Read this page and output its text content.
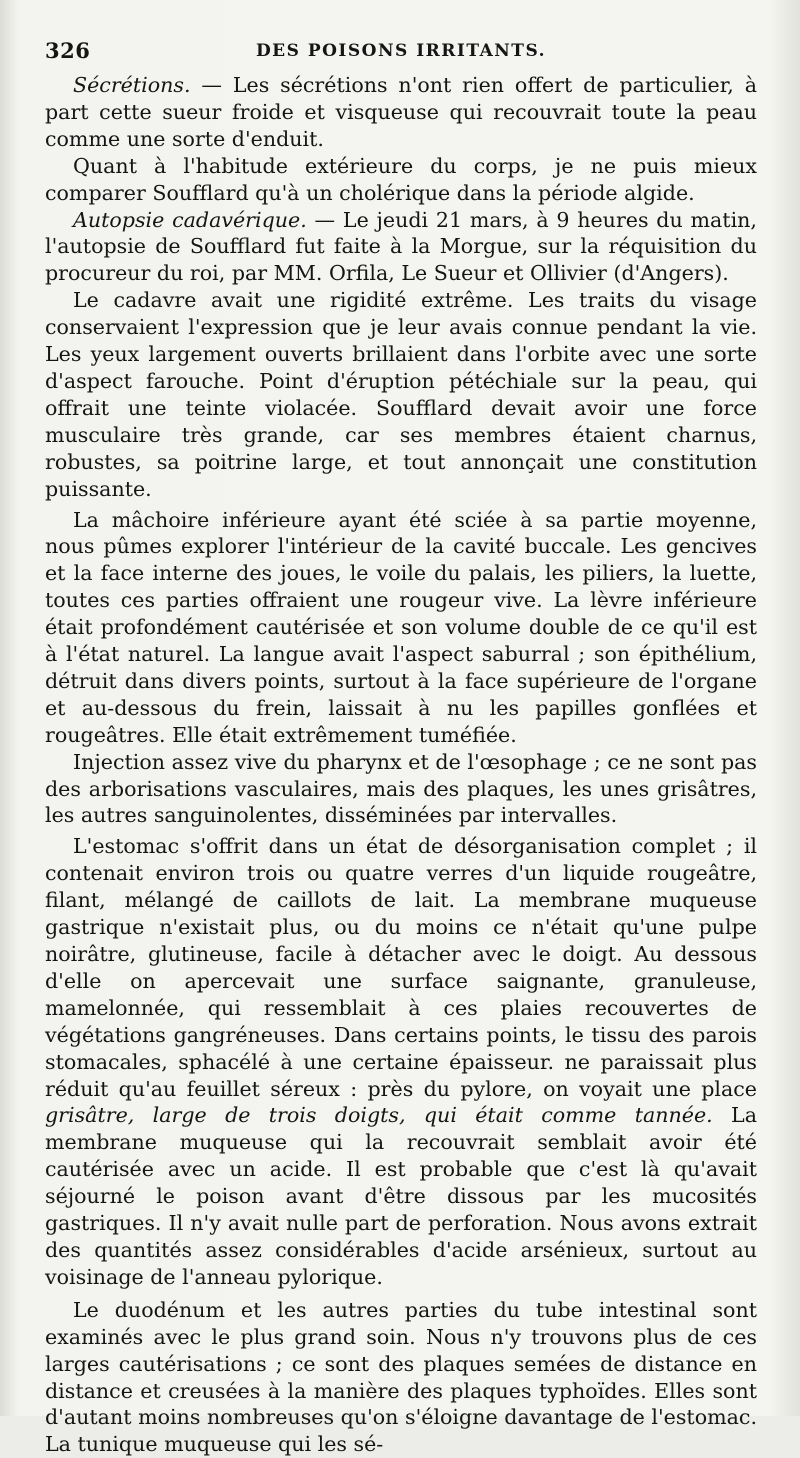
326	DES POISONS IRRITANTS.

Sécrétions. — Les sécrétions n'ont rien offert de particulier, à part cette sueur froide et visqueuse qui recouvrait toute la peau comme une sorte d'enduit.

Quant à l'habitude extérieure du corps, je ne puis mieux comparer Soufflard qu'à un cholérique dans la période algide.

Autopsie cadavérique. — Le jeudi 21 mars, à 9 heures du matin, l'autopsie de Soufflard fut faite à la Morgue, sur la réquisition du procureur du roi, par MM. Orfila, Le Sueur et Ollivier (d'Angers).

Le cadavre avait une rigidité extrême. Les traits du visage conservaient l'expression que je leur avais connue pendant la vie. Les yeux largement ouverts brillaient dans l'orbite avec une sorte d'aspect farouche. Point d'éruption pétéchiale sur la peau, qui offrait une teinte violacée. Soufflard devait avoir une force musculaire très grande, car ses membres étaient charnus, robustes, sa poitrine large, et tout annonçait une constitution puissante.

La mâchoire inférieure ayant été sciée à sa partie moyenne, nous pûmes explorer l'intérieur de la cavité buccale. Les gencives et la face interne des joues, le voile du palais, les piliers, la luette, toutes ces parties offraient une rougeur vive. La lèvre inférieure était profondément cautérisée et son volume double de ce qu'il est à l'état naturel. La langue avait l'aspect saburral ; son épithélium, détruit dans divers points, surtout à la face supérieure de l'organe et au-dessous du frein, laissait à nu les papilles gonflées et rougeâtres. Elle était extrêmement tuméfiée.

Injection assez vive du pharynx et de l'œsophage ; ce ne sont pas des arborisations vasculaires, mais des plaques, les unes grisâtres, les autres sanguinolentes, disséminées par intervalles.

L'estomac s'offrit dans un état de désorganisation complet ; il contenait environ trois ou quatre verres d'un liquide rougeâtre, filant, mélangé de caillots de lait. La membrane muqueuse gastrique n'existait plus, ou du moins ce n'était qu'une pulpe noirâtre, glutineuse, facile à détacher avec le doigt. Au dessous d'elle on apercevait une surface saignante, granuleuse, mamelonnée, qui ressemblait à ces plaies recouvertes de végétations gangréneuses. Dans certains points, le tissu des parois stomacales, sphacélé à une certaine épaisseur. ne paraissait plus réduit qu'au feuillet séreux : près du pylore, on voyait une place grisâtre, large de trois doigts, qui était comme tannée. La membrane muqueuse qui la recouvrait semblait avoir été cautérisée avec un acide. Il est probable que c'est là qu'avait séjourné le poison avant d'être dissous par les mucosités gastriques. Il n'y avait nulle part de perforation. Nous avons extrait des quantités assez considérables d'acide arsénieux, surtout au voisinage de l'anneau pylorique.

Le duodénum et les autres parties du tube intestinal sont examinés avec le plus grand soin. Nous n'y trouvons plus de ces larges cautérisations ; ce sont des plaques semées de distance en distance et creusées à la manière des plaques typhoïdes. Elles sont d'autant moins nombreuses qu'on s'éloigne davantage de l'estomac. La tunique muqueuse qui les sé-
